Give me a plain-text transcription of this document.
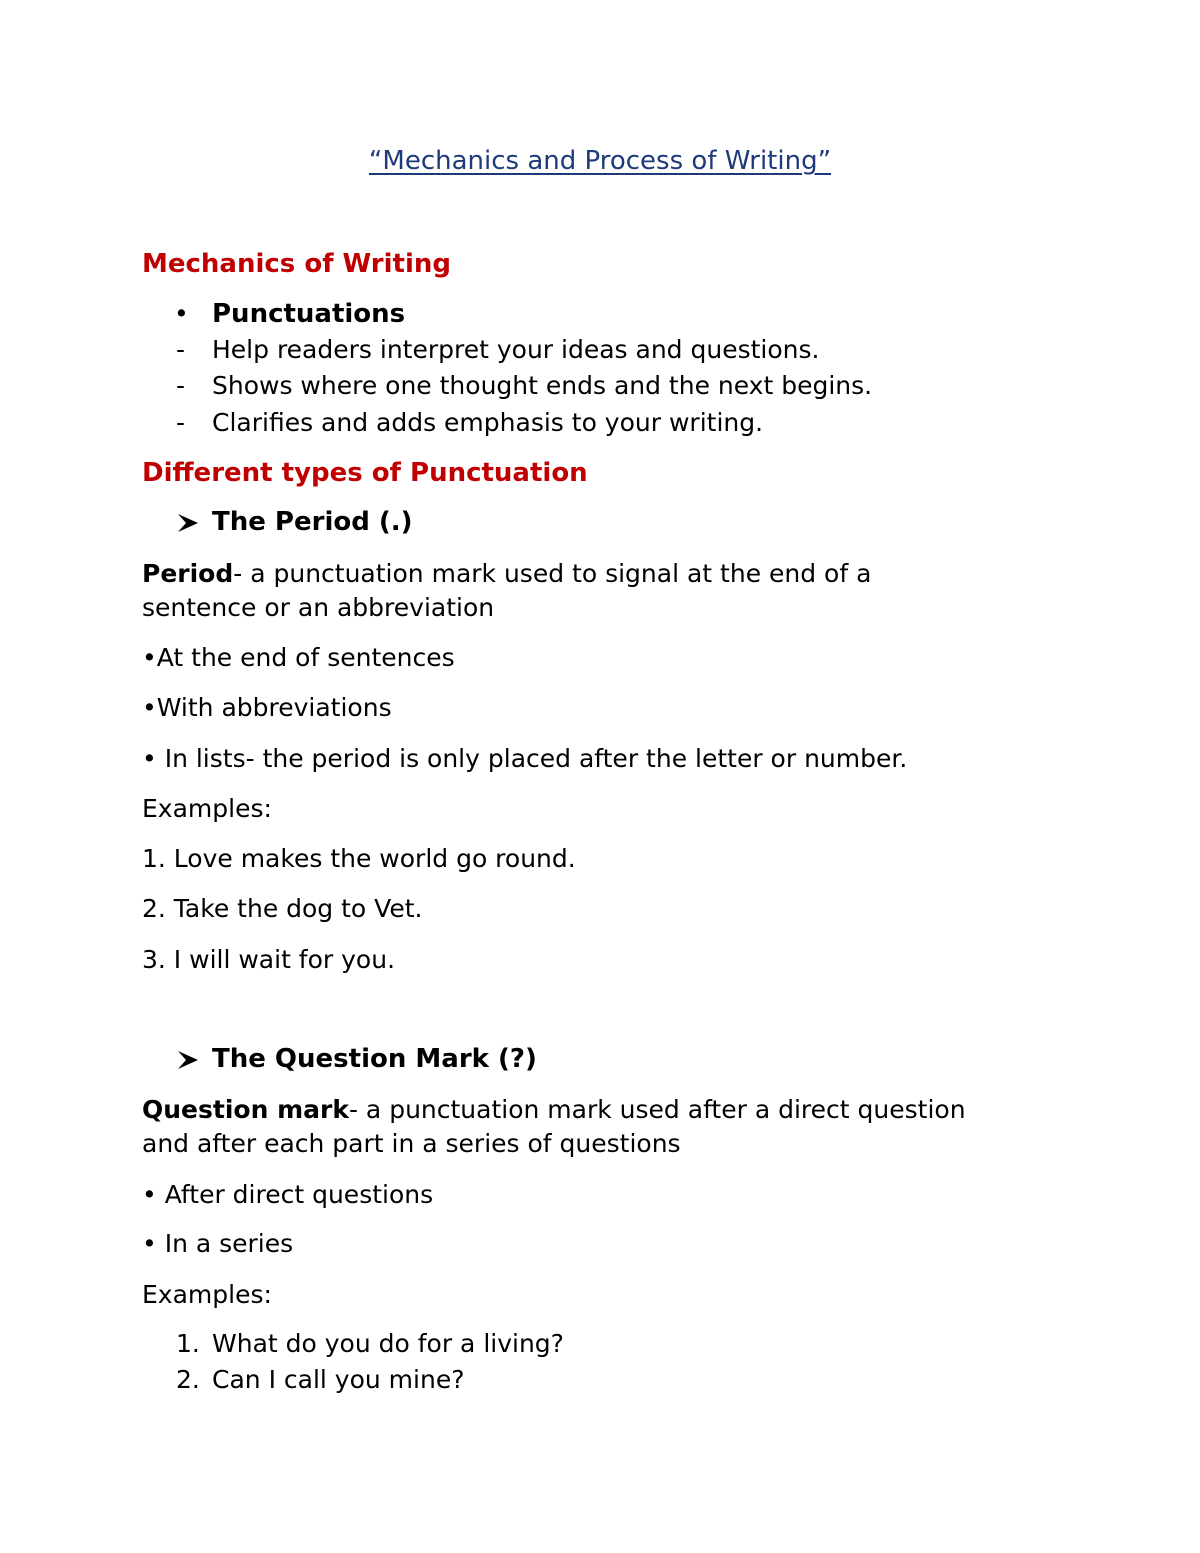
“Mechanics and Process of Writing”
Mechanics of Writing
• Punctuations
- Help readers interpret your ideas and questions.
- Shows where one thought ends and the next begins.
- Clarifies and adds emphasis to your writing.
Different types of Punctuation
The Period (.)
Period- a punctuation mark used to signal at the end of a
sentence or an abbreviation
•At the end of sentences
•With abbreviations
• In lists- the period is only placed after the letter or number.
Examples:
1. Love makes the world go round.
2. Take the dog to Vet.
3. I will wait for you.
The Question Mark (?)
Question mark- a punctuation mark used after a direct question
and after each part in a series of questions
• After direct questions
• In a series
Examples:
1. What do you do for a living?
2. Can I call you mine?
